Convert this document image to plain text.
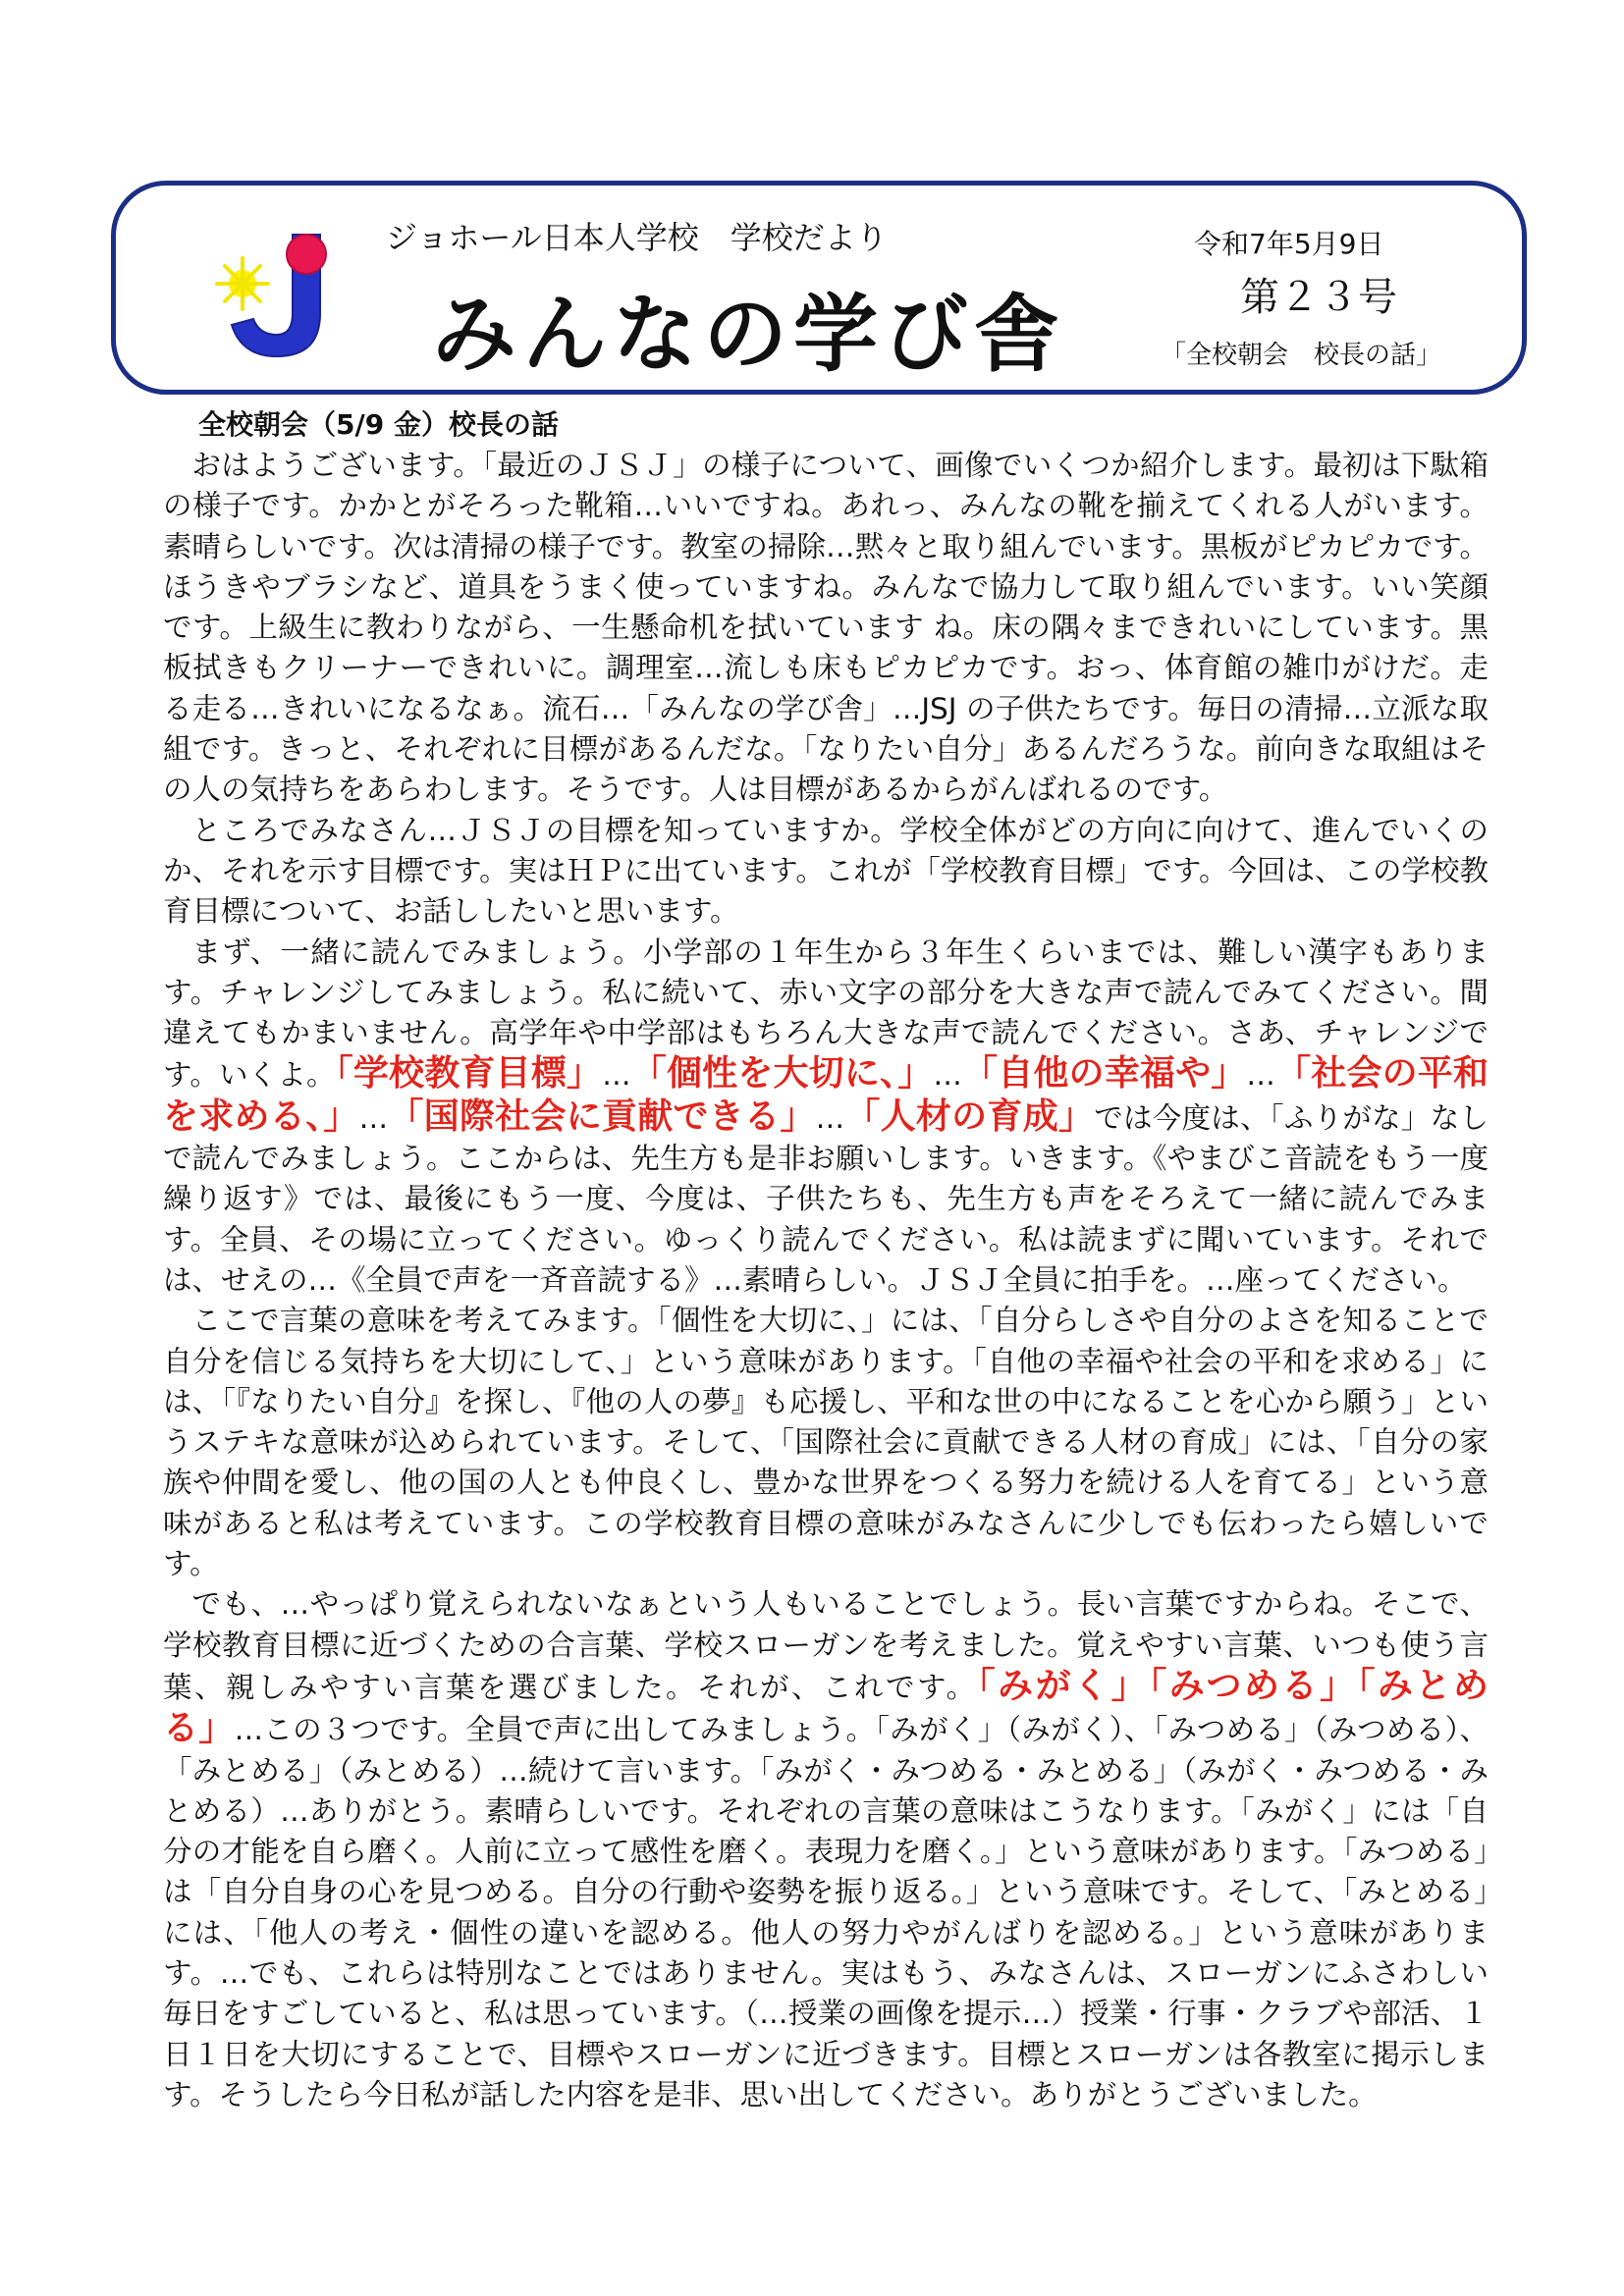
ジョホール日本人学校　学校だより
みんなの学び舎
令和7年5月9日
第２３号
「全校朝会　校長の話」
全校朝会（5/9 金）校長の話

おはようございます。「最近のＪＳＪ」の様子について、画像でいくつか紹介します。最初は下駄箱の様子です。かかとがそろった靴箱…いいですね。あれっ、みんなの靴を揃えてくれる人がいます。素晴らしいです。次は清掃の様子です。教室の掃除…黙々と取り組んでいます。黒板がピカピカです。ほうきやブラシなど、道具をうまく使っていますね。みんなで協力して取り組んでいます。いい笑顔です。上級生に教わりながら、一生懸命机を拭いています ね。床の隅々まできれいにしています。黒板拭きもクリーナーできれいに。調理室…流しも床もピカピカです。おっ、体育館の雑巾がけだ。走る走る…きれいになるなぁ。流石…「みんなの学び舎」…JSJ の子供たちです。毎日の清掃…立派な取組です。きっと、それぞれに目標があるんだな。「なりたい自分」あるんだろうな。前向きな取組はその人の気持ちをあらわします。そうです。人は目標があるからがんばれるのです。

ところでみなさん…ＪＳＪの目標を知っていますか。学校全体がどの方向に向けて、進んでいくのか、それを示す目標です。実はＨＰに出ています。これが「学校教育目標」です。今回は、この学校教育目標について、お話ししたいと思います。

まず、一緒に読んでみましょう。小学部の１年生から３年生くらいまでは、難しい漢字もあります。チャレンジしてみましょう。私に続いて、赤い文字の部分を大きな声で読んでみてください。間違えてもかまいません。高学年や中学部はもちろん大きな声で読んでください。さあ、チャレンジです。いくよ。「学校教育目標」…「個性を大切に、」…「自他の幸福や」…「社会の平和を求める、」…「国際社会に貢献できる」…「人材の育成」では今度は、「ふりがな」なしで読んでみましょう。ここからは、先生方も是非お願いします。いきます。《やまびこ音読をもう一度繰り返す》では、最後にもう一度、今度は、子供たちも、先生方も声をそろえて一緒に読んでみます。全員、その場に立ってください。ゆっくり読んでください。私は読まずに聞いています。それでは、せえの…《全員で声を一斉音読する》…素晴らしい。ＪＳＪ全員に拍手を。…座ってください。

ここで言葉の意味を考えてみます。「個性を大切に、」には、「自分らしさや自分のよさを知ることで自分を信じる気持ちを大切にして、」という意味があります。「自他の幸福や社会の平和を求める」には、「『なりたい自分』を探し、『他の人の夢』も応援し、平和な世の中になることを心から願う」というステキな意味が込められています。そして、「国際社会に貢献できる人材の育成」には、「自分の家族や仲間を愛し、他の国の人とも仲良くし、豊かな世界をつくる努力を続ける人を育てる」という意味があると私は考えています。この学校教育目標の意味がみなさんに少しでも伝わったら嬉しいです。

でも、…やっぱり覚えられないなぁという人もいることでしょう。長い言葉ですからね。そこで、学校教育目標に近づくための合言葉、学校スローガンを考えました。覚えやすい言葉、いつも使う言葉、親しみやすい言葉を選びました。それが、これです。「みがく」「みつめる」「みとめる」…この３つです。全員で声に出してみましょう。「みがく」（みがく）、「みつめる」（みつめる）、「みとめる」（みとめる）…続けて言います。「みがく・みつめる・みとめる」（みがく・みつめる・みとめる）…ありがとう。素晴らしいです。それぞれの言葉の意味はこうなります。「みがく」には「自分の才能を自ら磨く。人前に立って感性を磨く。表現力を磨く。」という意味があります。「みつめる」は「自分自身の心を見つめる。自分の行動や姿勢を振り返る。」という意味です。そして、「みとめる」には、「他人の考え・個性の違いを認める。他人の努力やがんばりを認める。」という意味があります。…でも、これらは特別なことではありません。実はもう、みなさんは、スローガンにふさわしい毎日をすごしていると、私は思っています。（…授業の画像を提示…）授業・行事・クラブや部活、１日１日を大切にすることで、目標やスローガンに近づきます。目標とスローガンは各教室に掲示します。そうしたら今日私が話した内容を是非、思い出してください。ありがとうございました。
